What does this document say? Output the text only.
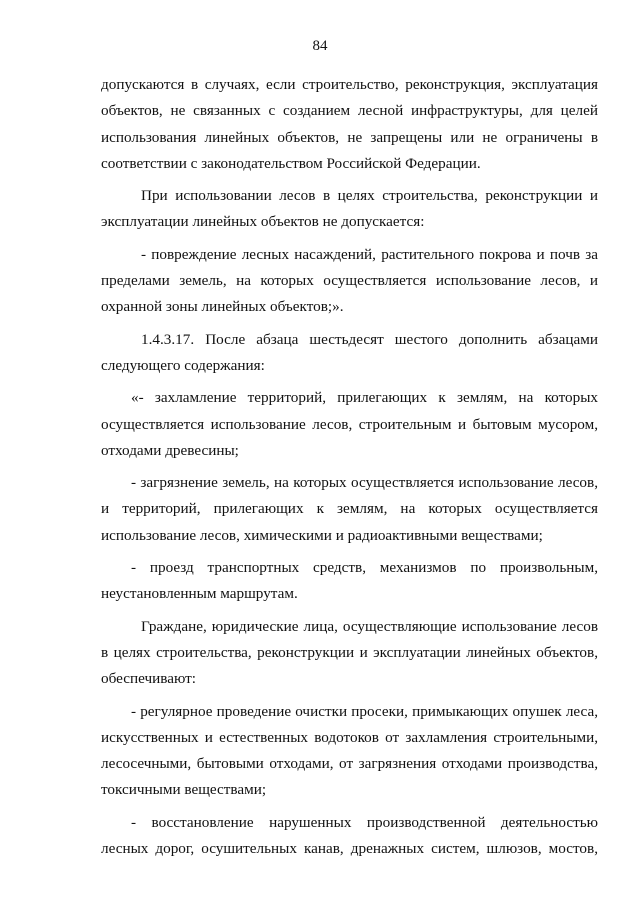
84

допускаются в случаях, если строительство, реконструкция, эксплуатация объектов, не связанных с созданием лесной инфраструктуры, для целей использования линейных объектов, не запрещены или не ограничены в соответствии с законодательством Российской Федерации.

При использовании лесов в целях строительства, реконструкции и эксплуатации линейных объектов не допускается:

- повреждение лесных насаждений, растительного покрова и почв за пределами земель, на которых осуществляется использование лесов, и охранной зоны линейных объектов;».

1.4.3.17. После абзаца шестьдесят шестого дополнить абзацами следующего содержания:

«- захламление территорий, прилегающих к землям, на которых осуществляется использование лесов, строительным и бытовым мусором, отходами древесины;

- загрязнение земель, на которых осуществляется использование лесов, и территорий, прилегающих к землям, на которых осуществляется использование лесов, химическими и радиоактивными веществами;

- проезд транспортных средств, механизмов по произвольным, неустановленным маршрутам.

Граждане, юридические лица, осуществляющие использование лесов в целях строительства, реконструкции и эксплуатации линейных объектов, обеспечивают:

- регулярное проведение очистки просеки, примыкающих опушек леса, искусственных и естественных водотоков от захламления строительными, лесосечными, бытовыми отходами, от загрязнения отходами производства, токсичными веществами;

- восстановление нарушенных производственной деятельностью лесных дорог, осушительных канав, дренажных систем, шлюзов, мостов,
